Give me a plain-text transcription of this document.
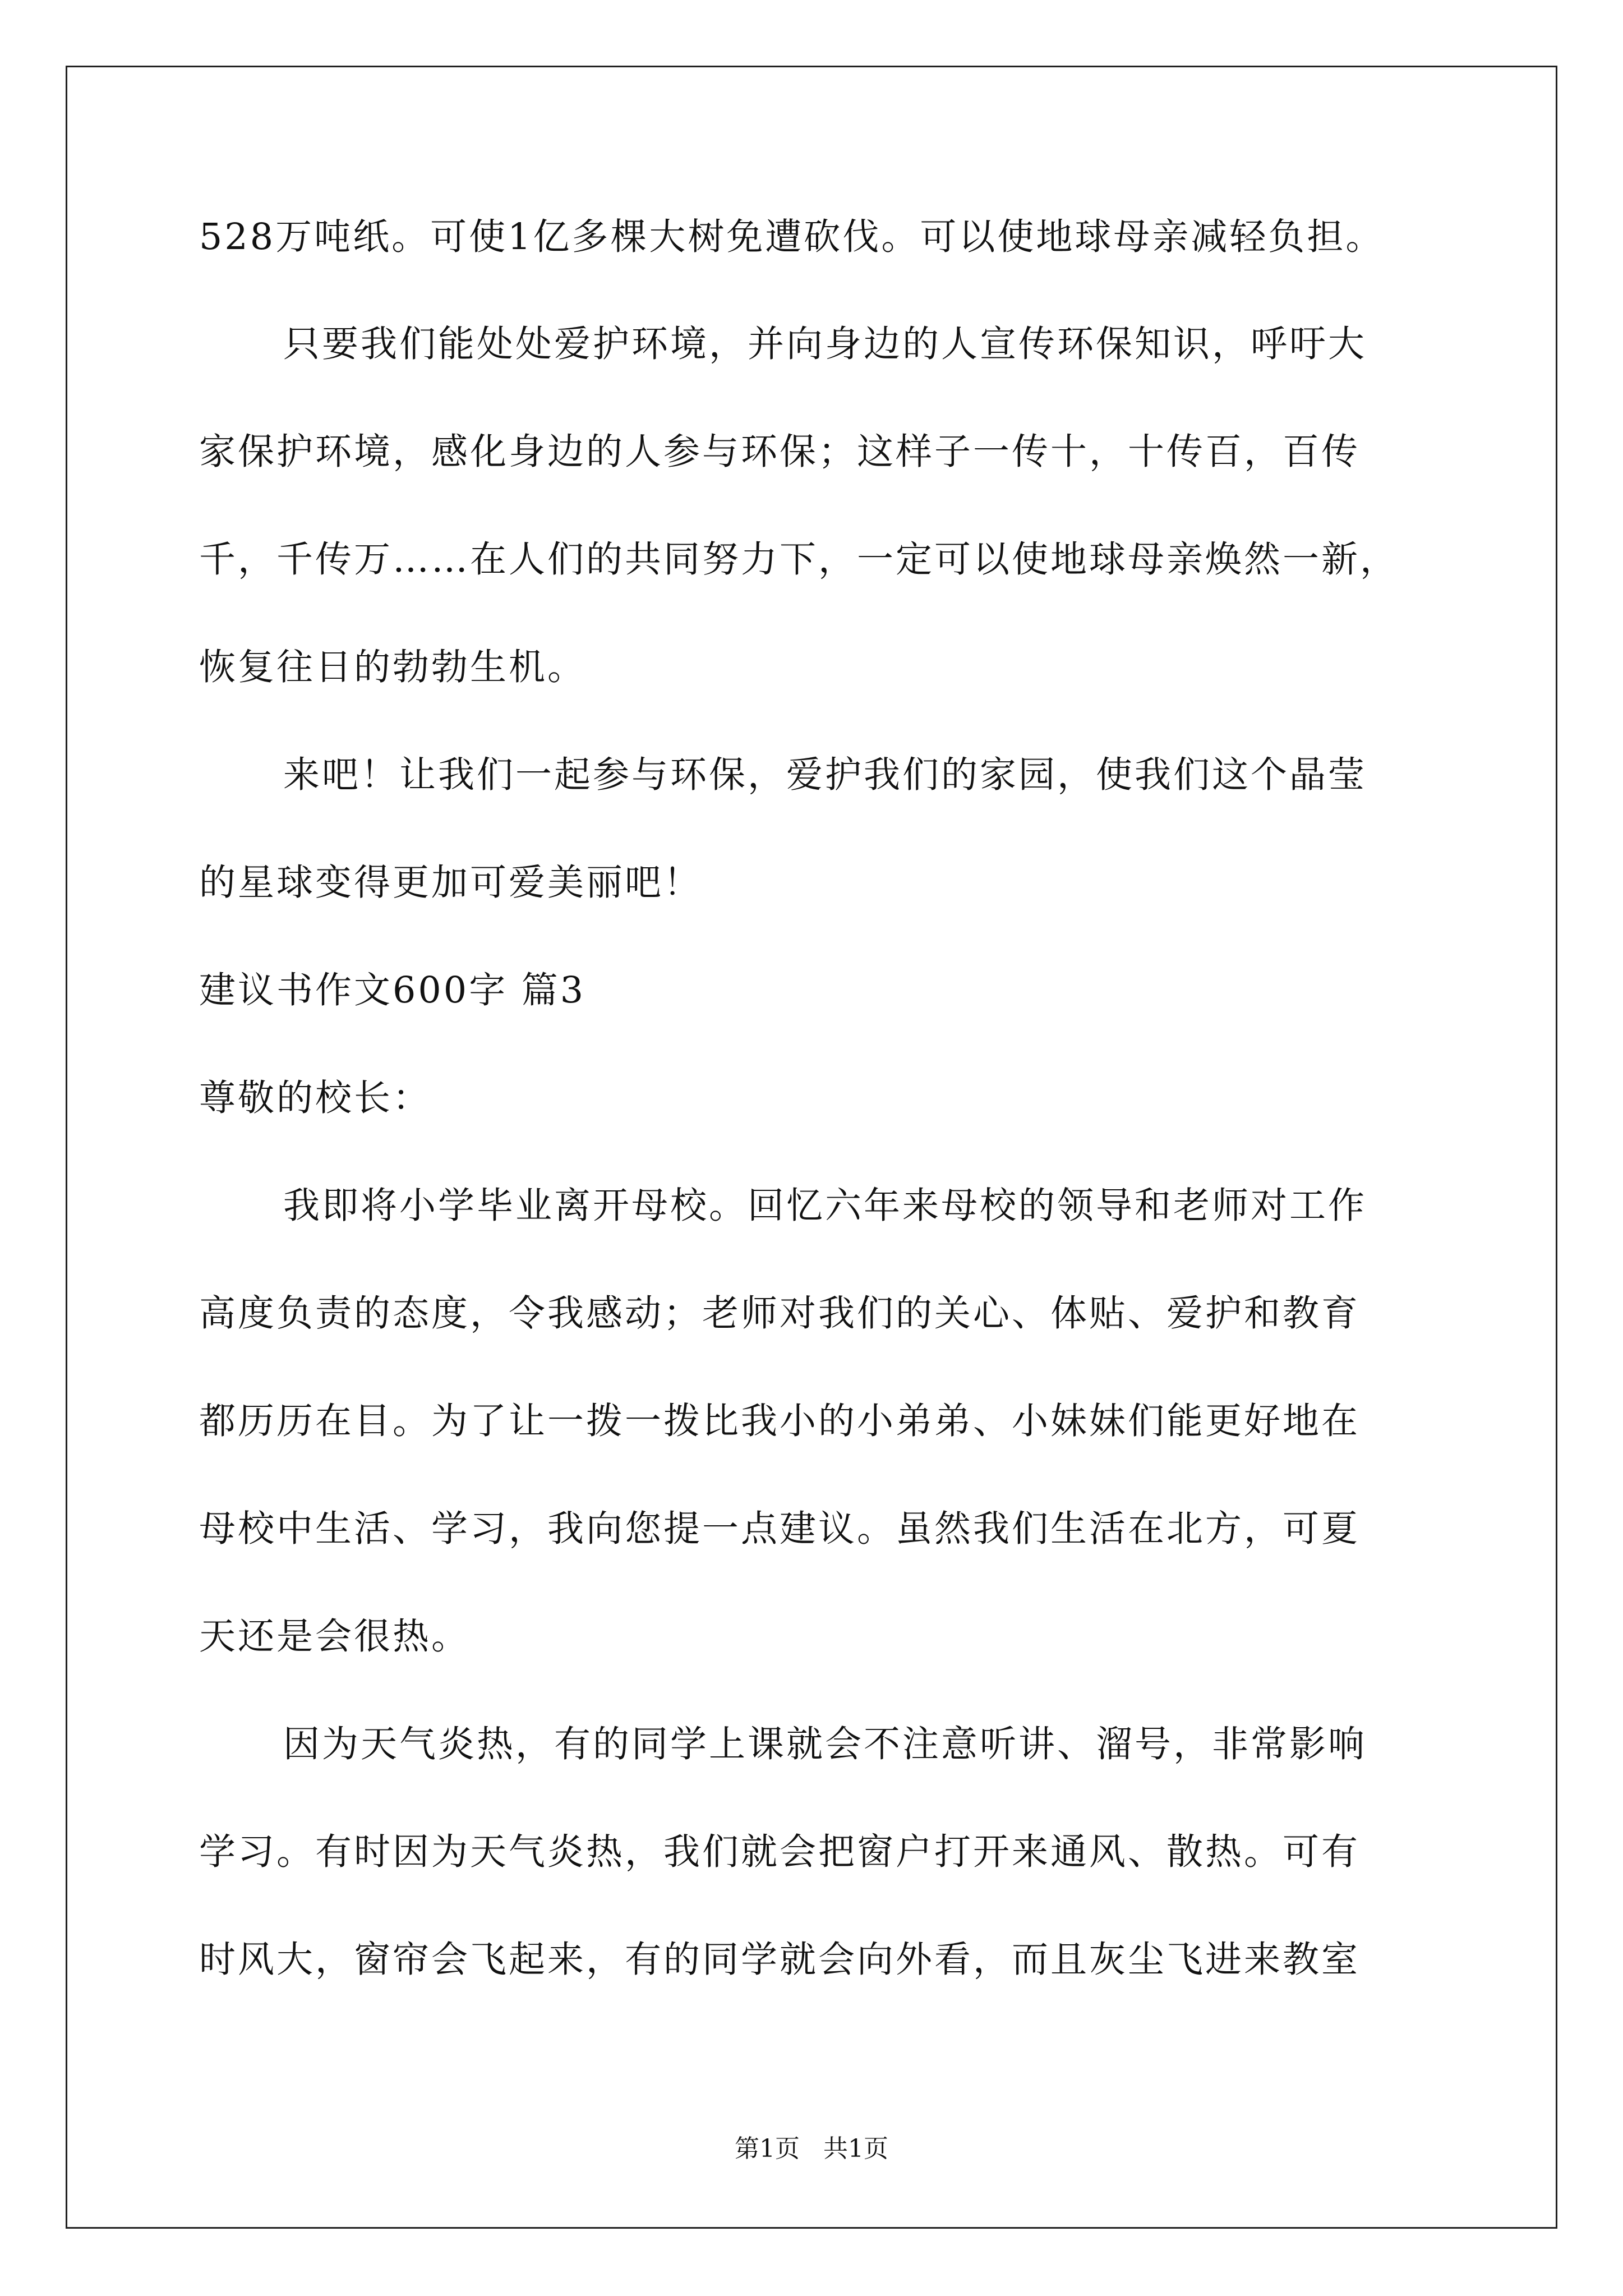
528万吨纸。可使1亿多棵大树免遭砍伐。可以使地球母亲减轻负担。
只要我们能处处爱护环境，并向身边的人宣传环保知识，呼吁大
家保护环境，感化身边的人参与环保；这样子一传十，十传百，百传
千，千传万……在人们的共同努力下，一定可以使地球母亲焕然一新，
恢复往日的勃勃生机。
来吧！让我们一起参与环保，爱护我们的家园，使我们这个晶莹
的星球变得更加可爱美丽吧！
建议书作文600字 篇3
尊敬的校长：
我即将小学毕业离开母校。回忆六年来母校的领导和老师对工作
高度负责的态度，令我感动；老师对我们的关心、体贴、爱护和教育
都历历在目。为了让一拨一拨比我小的小弟弟、小妹妹们能更好地在
母校中生活、学习，我向您提一点建议。虽然我们生活在北方，可夏
天还是会很热。
因为天气炎热，有的同学上课就会不注意听讲、溜号，非常影响
学习。有时因为天气炎热，我们就会把窗户打开来通风、散热。可有
时风大，窗帘会飞起来，有的同学就会向外看，而且灰尘飞进来教室
第1页 共1页
